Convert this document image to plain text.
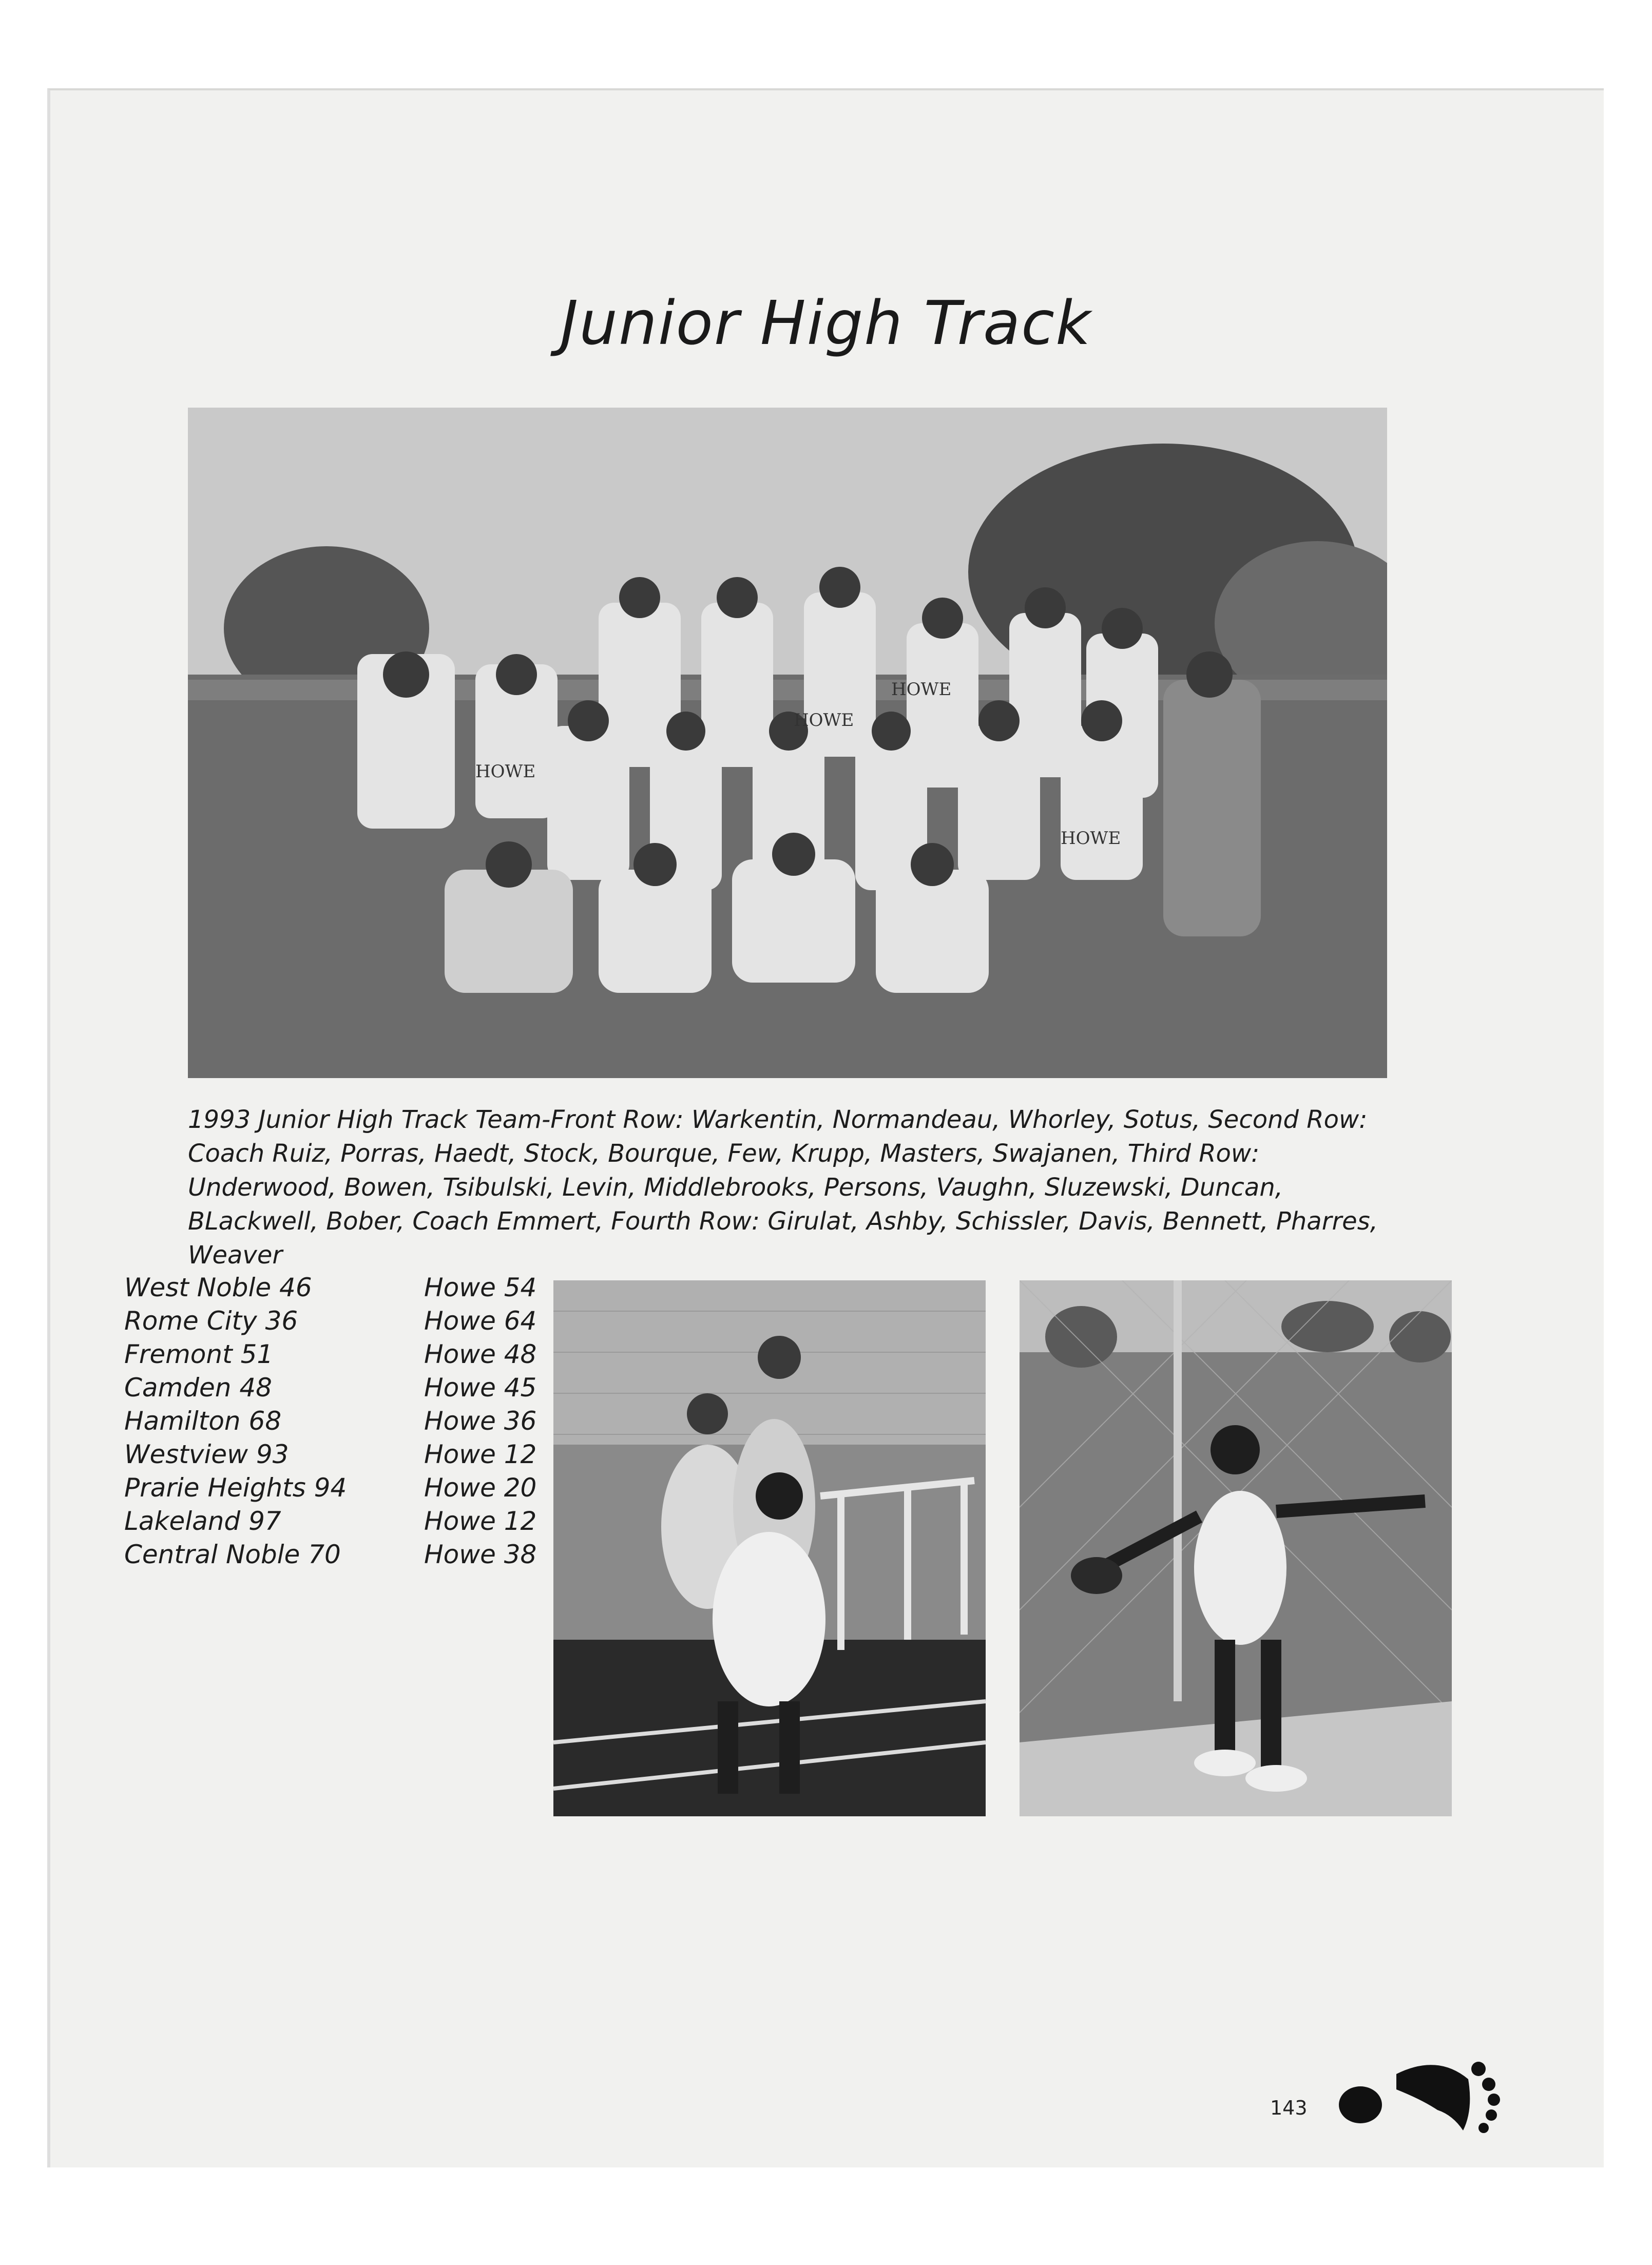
Junior High Track
HOWE
HOWE
HOWE
HOWE
1993 Junior High Track Team-Front Row: Warkentin, Normandeau, Whorley, Sotus, Second Row: Coach Ruiz, Porras, Haedt, Stock, Bourque, Few, Krupp, Masters, Swajanen, Third Row: Underwood, Bowen, Tsibulski, Levin, Middlebrooks, Persons, Vaughn, Sluzewski, Duncan, BLackwell, Bober, Coach Emmert, Fourth Row: Girulat, Ashby, Schissler, Davis, Bennett, Pharres, Weaver
West Noble 46
Rome City 36
Fremont 51
Camden 48
Hamilton 68
Westview 93
Prarie Heights 94
Lakeland 97
Central Noble 70
Howe 54
Howe 64
Howe 48
Howe 45
Howe 36
Howe 12
Howe 20
Howe 12
Howe 38
143
